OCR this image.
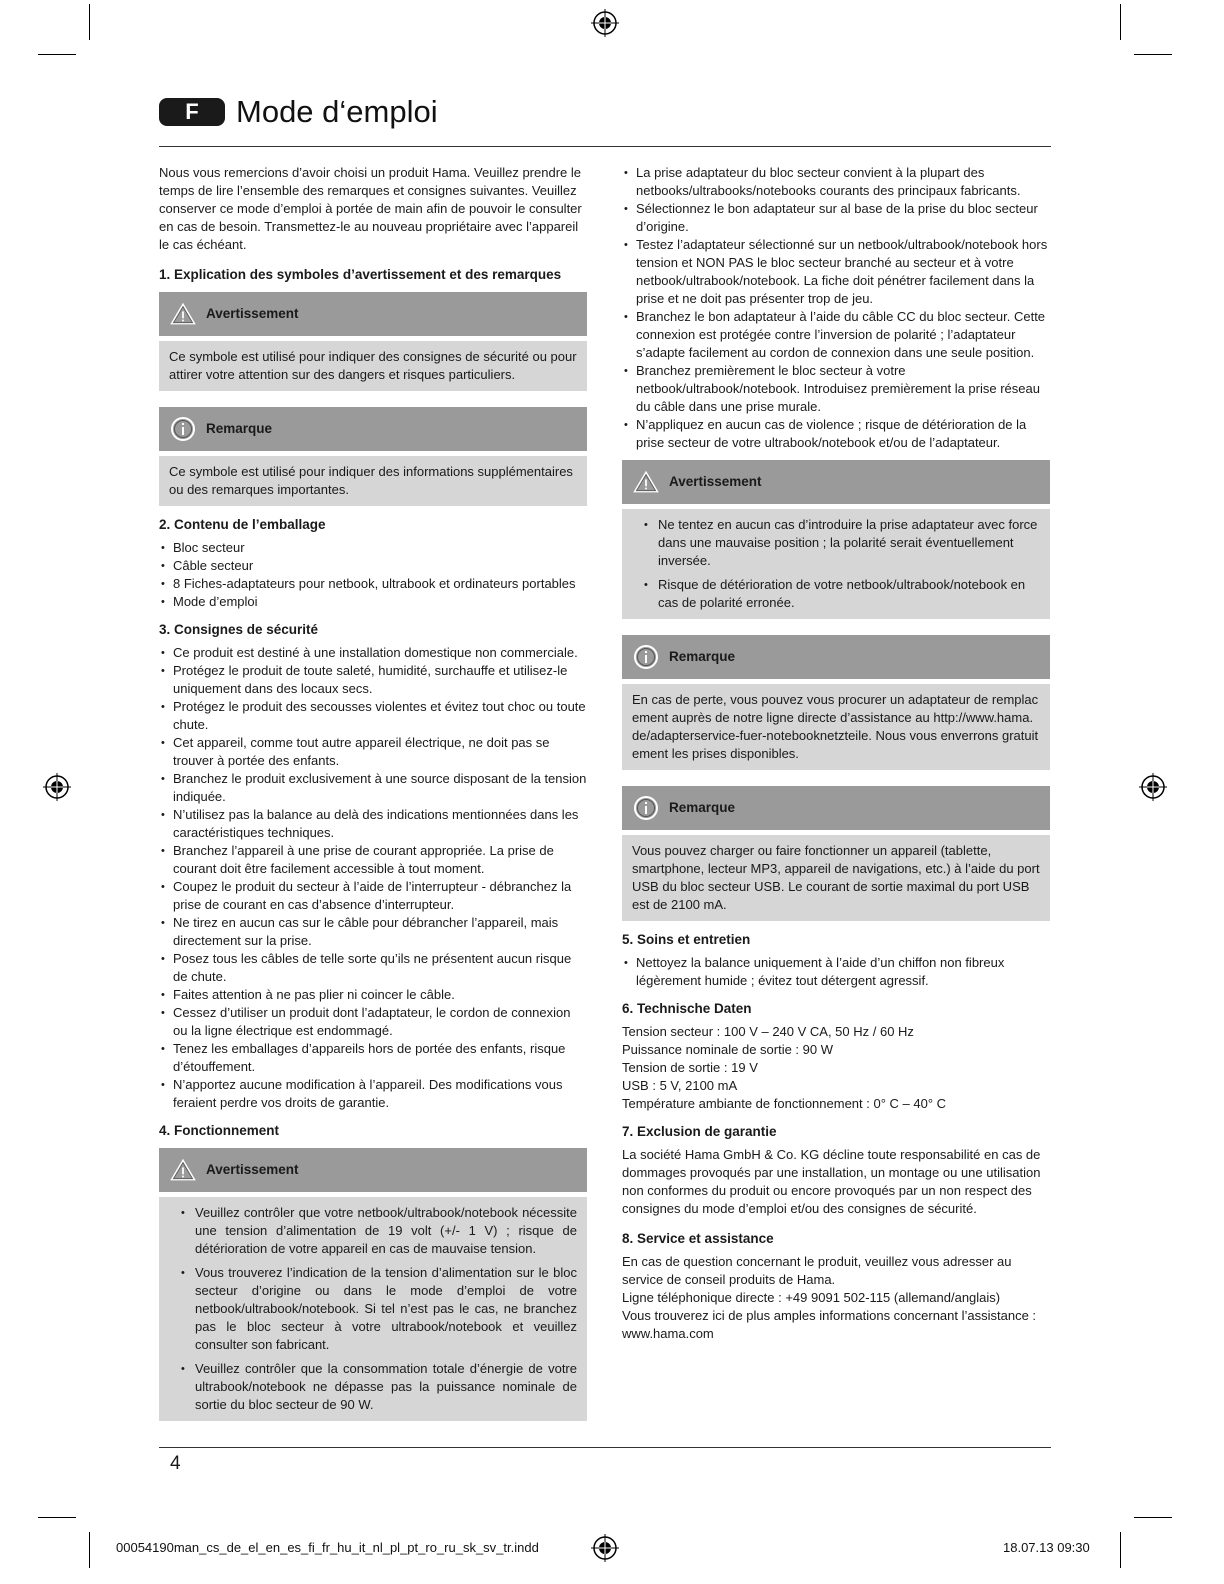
F	Mode d‘emploi

Nous vous remercions d’avoir choisi un produit Hama. Veuillez prendre le temps de lire l’ensemble des remarques et consignes suivantes. Veuillez conserver ce mode d’emploi à portée de main afin de pouvoir le consulter en cas de besoin. Transmettez-le au nouveau propriétaire avec l’appareil le cas échéant.

1. Explication des symboles d’avertissement et des remarques
Avertissement
Ce symbole est utilisé pour indiquer des consignes de sécurité ou pour attirer votre attention sur des dangers et risques particuliers.
Remarque
Ce symbole est utilisé pour indiquer des informations supplémentaires ou des remarques importantes.
2. Contenu de l’emballage
• Bloc secteur
• Câble secteur
• 8 Fiches-adaptateurs pour netbook, ultrabook et ordinateurs portables
• Mode d’emploi
3. Consignes de sécurité
• Ce produit est destiné à une installation domestique non commerciale.
• Protégez le produit de toute saleté, humidité, surchauffe et utilisez-le uniquement dans des locaux secs.
• Protégez le produit des secousses violentes et évitez tout choc ou toute chute.
• Cet appareil, comme tout autre appareil électrique, ne doit pas se trouver à portée des enfants.
• Branchez le produit exclusivement à une source disposant de la tension indiquée.
• N’utilisez pas la balance au delà des indications mentionnées dans les caractéristiques techniques.
• Branchez l’appareil à une prise de courant appropriée. La prise de courant doit être facilement accessible à tout moment.
• Coupez le produit du secteur à l’aide de l’interrupteur - débranchez la prise de courant en cas d’absence d’interrupteur.
• Ne tirez en aucun cas sur le câble pour débrancher l’appareil, mais directement sur la prise.
• Posez tous les câbles de telle sorte qu’ils ne présentent aucun risque de chute.
• Faites attention à ne pas plier ni coincer le câble.
• Cessez d’utiliser un produit dont l’adaptateur, le cordon de connexion ou la ligne électrique est endommagé.
• Tenez les emballages d’appareils hors de portée des enfants, risque d’étouffement.
• N’apportez aucune modification à l’appareil. Des modifications vous feraient perdre vos droits de garantie.
4. Fonctionnement
Avertissement
• Veuillez contrôler que votre netbook/ultrabook/notebook nécessite une tension d’alimentation de 19 volt (+/- 1 V) ; risque de détérioration de votre appareil en cas de mauvaise tension.
• Vous trouverez l’indication de la tension d’alimentation sur le bloc secteur d’origine ou dans le mode d’emploi de votre netbook/ultrabook/notebook. Si tel n’est pas le cas, ne branchez pas le bloc secteur à votre ultrabook/notebook et veuillez consulter son fabricant.
• Veuillez contrôler que la consommation totale d’énergie de votre ultrabook/notebook ne dépasse pas la puissance nominale de sortie du bloc secteur de 90 W.
• La prise adaptateur du bloc secteur convient à la plupart des netbooks/ultrabooks/notebooks courants des principaux fabricants.
• Sélectionnez le bon adaptateur sur al base de la prise du bloc secteur d’origine.
• Testez l’adaptateur sélectionné sur un netbook/ultrabook/notebook hors tension et NON PAS le bloc secteur branché au secteur et à votre netbook/ultrabook/notebook. La fiche doit pénétrer facilement dans la prise et ne doit pas présenter trop de jeu.
• Branchez le bon adaptateur à l’aide du câble CC du bloc secteur. Cette connexion est protégée contre l’inversion de polarité ; l’adaptateur s’adapte facilement au cordon de connexion dans une seule position.
• Branchez premièrement le bloc secteur à votre netbook/ultrabook/notebook. Introduisez premièrement la prise réseau du câble dans une prise murale.
• N’appliquez en aucun cas de violence ; risque de détérioration de la prise secteur de votre ultrabook/notebook et/ou de l’adaptateur.
Avertissement
• Ne tentez en aucun cas d’introduire la prise adaptateur avec force dans une mauvaise position ; la polarité serait éventuellement inversée.
• Risque de détérioration de votre netbook/ultrabook/notebook en cas de polarité erronée.
Remarque
En cas de perte, vous pouvez vous procurer un adaptateur de remplacement auprès de notre ligne directe d’assistance au http://www.hama.de/adapterservice-fuer-notebooknetzteile. Nous vous enverrons gratuitement les prises disponibles.
Remarque
Vous pouvez charger ou faire fonctionner un appareil (tablette, smartphone, lecteur MP3, appareil de navigations, etc.) à l’aide du port USB du bloc secteur USB. Le courant de sortie maximal du port USB est de 2100 mA.
5. Soins et entretien
• Nettoyez la balance uniquement à l’aide d’un chiffon non fibreux légèrement humide ; évitez tout détergent agressif.
6. Technische Daten
Tension secteur : 100 V – 240 V CA, 50 Hz / 60 Hz
Puissance nominale de sortie : 90 W
Tension de sortie : 19 V
USB : 5 V, 2100 mA
Température ambiante de fonctionnement : 0° C – 40° C
7. Exclusion de garantie

La société Hama GmbH & Co. KG décline toute responsabilité en cas de dommages provoqués par une installation, un montage ou une utilisation non conformes du produit ou encore provoqués par un non respect des consignes du mode d’emploi et/ou des consignes de sécurité.

8. Service et assistance
En cas de question concernant le produit, veuillez vous adresser au service de conseil produits de Hama.
Ligne téléphonique directe : +49 9091 502-115 (allemand/anglais)
Vous trouverez ici de plus amples informations concernant l’assistance : www.hama.com
4
00054190man_cs_de_el_en_es_fi_fr_hu_it_nl_pl_pt_ro_ru_sk_sv_tr.indd	18.07.13 09:30
